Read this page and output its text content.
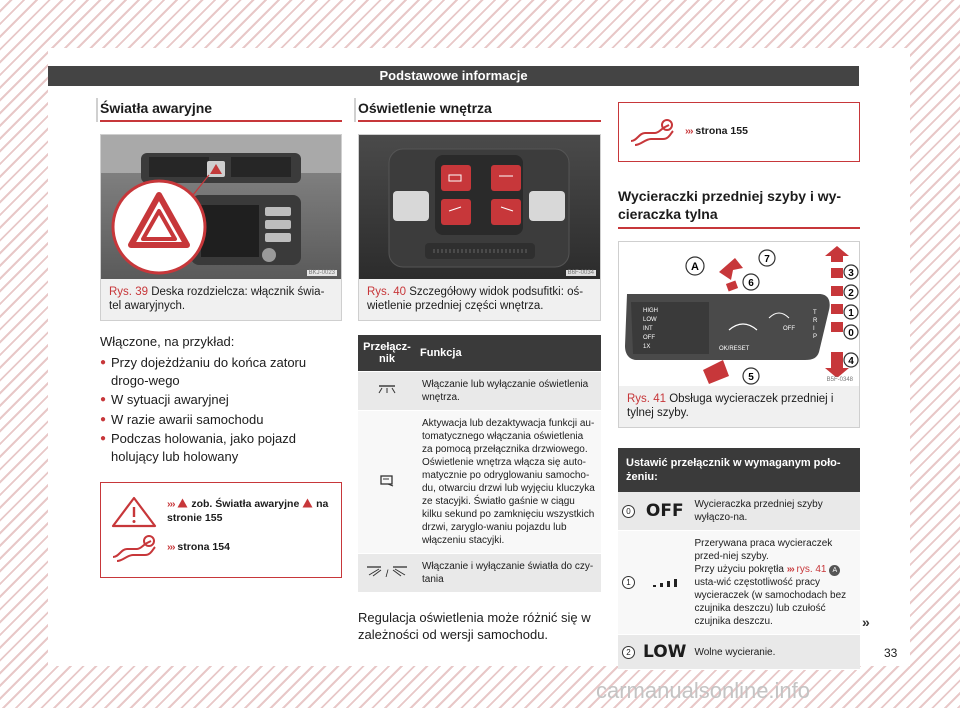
Podstawowe informacje
Światła awaryjne
BKJ-0023
Rys. 39 Deska rozdzielcza: włącznik świa-tel awaryjnych.
Włączone, na przykład:
● Przy dojeżdżaniu do końca zatoru drogo-wego
● W sytuacji awaryjnej
● W razie awarii samochodu
● Podczas holowania, jako pojazd holujący lub holowany
››› zob. Światła awaryjne na stronie 155
››› strona 154
Oświetlenie wnętrza
B6F-0034
Rys. 40 Szczegółowy widok podsufitki: oś-wietlenie przedniej części wnętrza.
Przełącz-nik	Funkcja
	Włączanie lub wyłączanie oświetlenia wnętrza.
	Aktywacja lub dezaktywacja funkcji au-tomatycznego włączania oświetlenia za pomocą przełącznika drzwiowego. Oświetlenie wnętrza włącza się auto-matycznie po odryglowaniu samocho-du, otwarciu drzwi lub wyjęciu kluczyka ze stacyjki. Światło gaśnie w ciągu kilku sekund po zamknięciu wszystkich drzwi, zaryglo-waniu pojazdu lub włączeniu stacyjki.
/	Włączanie i wyłączanie światła do czy-tania
Regulacja oświetlenia może różnić się w zależności od wersji samochodu.
››› strona 155
Wycieraczki przedniej szyby i wy-cieraczka tylna
HIGH
LOW
INT
OFF
1X	OK/RESET
OFF
T
R
I
P
A
6
7
5
3
2
1
0
4
B5F-0348
Rys. 41 Obsługa wycieraczek przedniej i tylnej szyby.
Ustawić przełącznik w wymaganym poło-żeniu:		
0	OFF	Wycieraczka przedniej szyby wyłączo-na.
1		Przerywana praca wycieraczek przed-niej szyby.
Przy użyciu pokrętła ››› rys. 41 A usta-wić częstotliwość pracy wycieraczek (w samochodach bez czujnika deszczu) lub czułość czujnika deszczu.
2	LOW	Wolne wycieranie.
»
33
carmanualsonline.info
